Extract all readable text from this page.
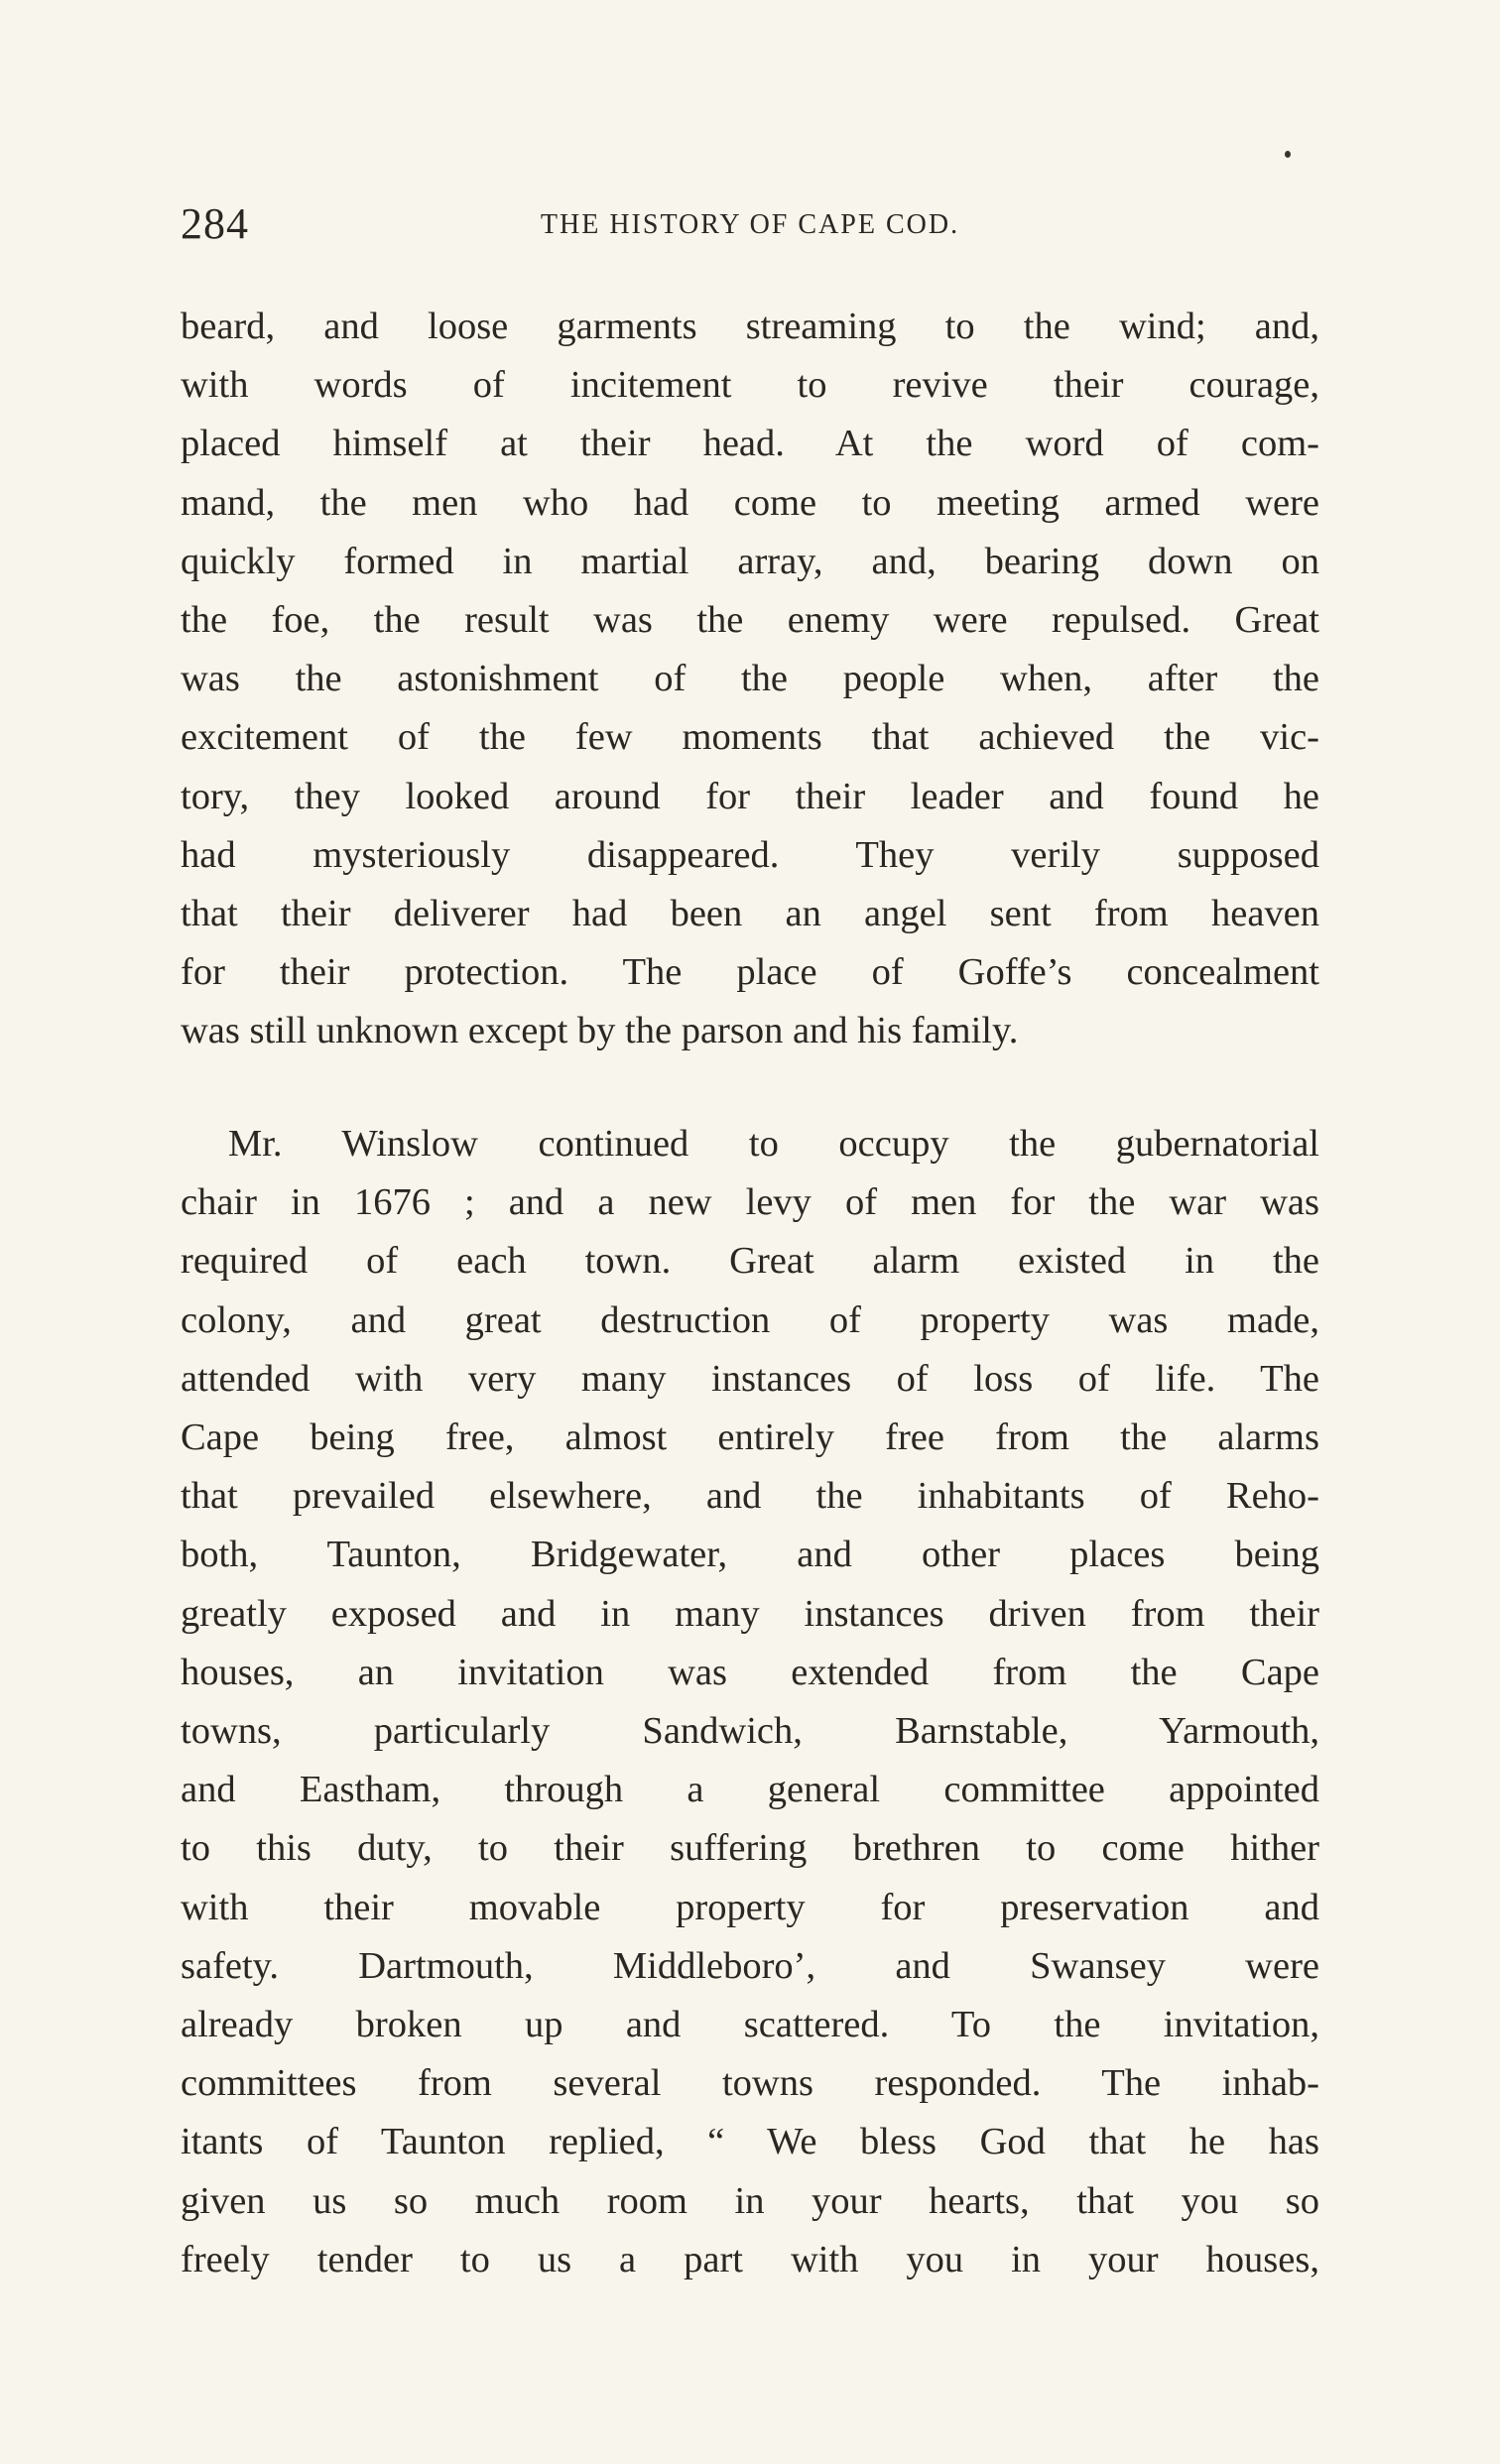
284	THE HISTORY OF CAPE COD.
beard, and loose garments streaming to the wind; and,
with words of incitement to revive their courage,
placed himself at their head. At the word of com-
mand, the men who had come to meeting armed were
quickly formed in martial array, and, bearing down on
the foe, the result was the enemy were repulsed. Great
was the astonishment of the people when, after the
excitement of the few moments that achieved the vic-
tory, they looked around for their leader and found he
had mysteriously disappeared. They verily supposed
that their deliverer had been an angel sent from heaven
for their protection. The place of Goffe’s concealment
was still unknown except by the parson and his family.
Mr. Winslow continued to occupy the gubernatorial
chair in 1676 ; and a new levy of men for the war was
required of each town. Great alarm existed in the
colony, and great destruction of property was made,
attended with very many instances of loss of life. The
Cape being free, almost entirely free from the alarms
that prevailed elsewhere, and the inhabitants of Reho-
both, Taunton, Bridgewater, and other places being
greatly exposed and in many instances driven from their
houses, an invitation was extended from the Cape
towns, particularly Sandwich, Barnstable, Yarmouth,
and Eastham, through a general committee appointed
to this duty, to their suffering brethren to come hither
with their movable property for preservation and
safety. Dartmouth, Middleboro’, and Swansey were
already broken up and scattered. To the invitation,
committees from several towns responded. The inhab-
itants of Taunton replied, “ We bless God that he has
given us so much room in your hearts, that you so
freely tender to us a part with you in your houses,
